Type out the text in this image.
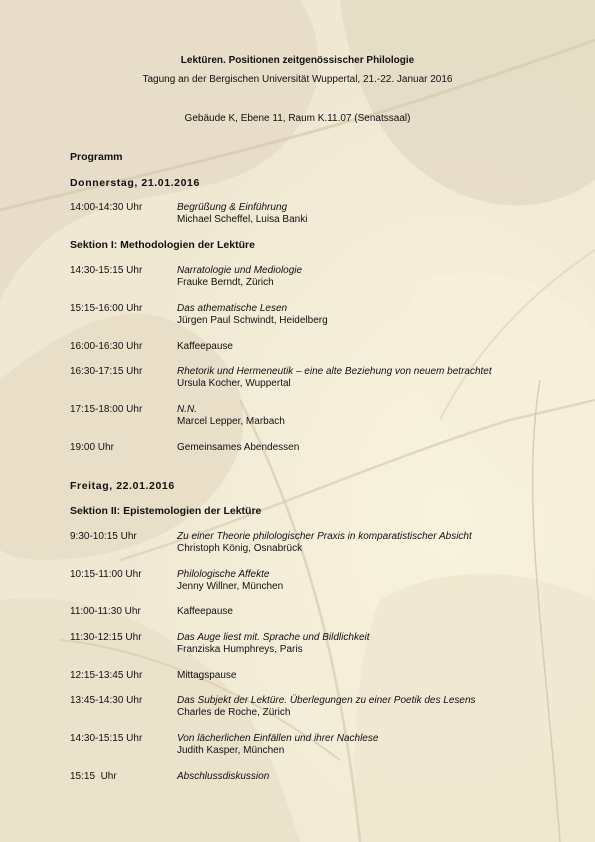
Lektüren. Positionen zeitgenössischer Philologie
Tagung an der Bergischen Universität Wuppertal, 21.-22. Januar 2016
Gebäude K, Ebene 11, Raum K.11.07 (Senatssaal)
Programm
Donnerstag, 21.01.2016
14:00-14:30 Uhr	Begrüßung & Einführung
Michael Scheffel, Luisa Banki
Sektion I: Methodologien der Lektüre
14:30-15:15 Uhr	Narratologie und Mediologie
Frauke Berndt, Zürich
15:15-16:00 Uhr	Das athematische Lesen
Jürgen Paul Schwindt, Heidelberg
16:00-16:30 Uhr	Kaffeepause
16:30-17:15 Uhr	Rhetorik und Hermeneutik – eine alte Beziehung von neuem betrachtet
Ursula Kocher, Wuppertal
17:15-18:00 Uhr	N.N.
Marcel Lepper, Marbach
19:00 Uhr	Gemeinsames Abendessen
Freitag, 22.01.2016
Sektion II: Epistemologien der Lektüre
9:30-10:15 Uhr	Zu einer Theorie philologischer Praxis in komparatistischer Absicht
Christoph König, Osnabrück
10:15-11:00 Uhr	Philologische Affekte
Jenny Willner, München
11:00-11:30 Uhr	Kaffeepause
11:30-12:15 Uhr	Das Auge liest mit. Sprache und Bildlichkeit
Franziska Humphreys, Paris
12:15-13:45 Uhr	Mittagspause
13:45-14:30 Uhr	Das Subjekt der Lektüre. Überlegungen zu einer Poetik des Lesens
Charles de Roche, Zürich
14:30-15:15 Uhr	Von lächerlichen Einfällen und ihrer Nachlese
Judith Kasper, München
15:15  Uhr	Abschlussdiskussion
